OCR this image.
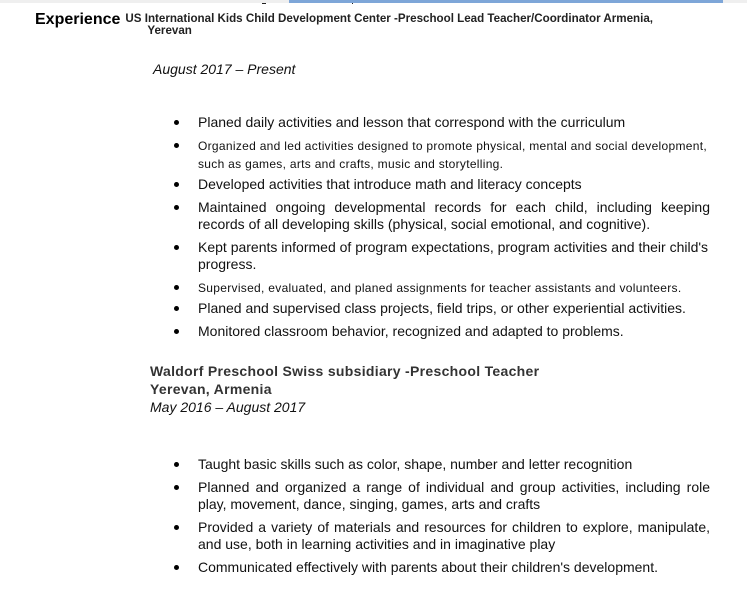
Experience US International Kids Child Development Center -Preschool Lead Teacher/Coordinator Armenia,
Yerevan
August 2017 – Present
Planed daily activities and lesson that correspond with the curriculum
Organized and led activities designed to promote physical, mental and social development, such as games, arts and crafts, music and storytelling.
Developed activities that introduce math and literacy concepts
Maintained ongoing developmental records for each child, including keeping records of all developing skills (physical, social emotional, and cognitive).
Kept parents informed of program expectations, program activities and their child's progress.
Supervised, evaluated, and planed assignments for teacher assistants and volunteers.
Planed and supervised class projects, field trips, or other experiential activities.
Monitored classroom behavior, recognized and adapted to problems.
Waldorf Preschool Swiss subsidiary -Preschool Teacher
Yerevan, Armenia
May 2016 – August 2017
Taught basic skills such as color, shape, number and letter recognition
Planned and organized a range of individual and group activities, including role play, movement, dance, singing, games, arts and crafts
Provided a variety of materials and resources for children to explore, manipulate, and use, both in learning activities and in imaginative play
Communicated effectively with parents about their children's development.
